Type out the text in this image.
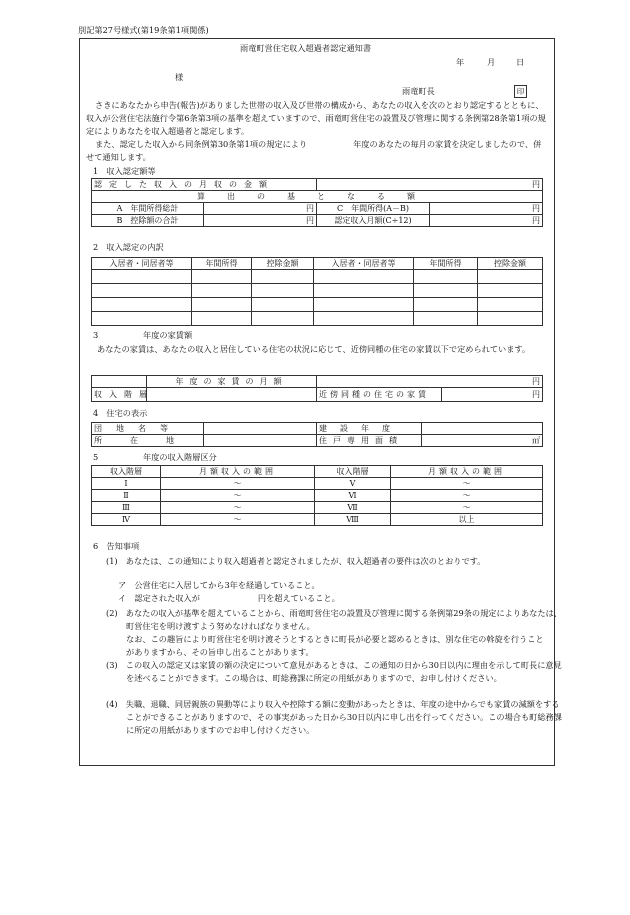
別記第27号様式(第19条第1項関係)
雨竜町営住宅収入超過者認定通知書
年	月	日
様
雨竜町長	印
さきにあなたから申告(報告)がありました世帯の収入及び世帯の構成から、あなたの収入を次のとおり認定するとともに、収入が公営住宅法施行令第6条第3項の基準を超えていますので、雨竜町営住宅の設置及び管理に関する条例第28条第1項の規定によりあなたを収入超過者と認定します。
また、認定した収入から同条例第30条第1項の規定により	年度のあなたの毎月の家賃を決定しましたので、併せて通知します。
1　収入認定額等
認定した収入の月収の金額		円	
算出の基となる額			
A　年間所得総計	円	C　年間所得(A－B)	円
B　控除額の合計	円	認定収入月額(C÷12)	円
2　収入認定の内訳
入居者・同居者等	年間所得	控除金額	入居者・同居者等	年間所得	控除金額

3	年度の家賃額
あなたの家賃は、あなたの収入と居住している住宅の状況に応じて、近傍同種の住宅の家賃以下で定められています。
	年度の家賃の月額	円	
収入階層		近傍同種の住宅の家賃	円
4　住宅の表示
団地名等		建設年度	
所在地		住戸専用面積	㎡
5	年度の収入階層区分
収入階層	月額収入の範囲	収入階層	月額収入の範囲
Ⅰ	～	Ⅴ	～
Ⅱ	～	Ⅵ	～
Ⅲ	～	Ⅶ	～
Ⅳ	～	Ⅷ	以上
6　告知事項
(1)　あなたは、この通知により収入超過者と認定されましたが、収入超過者の要件は次のとおりです。
ア　公営住宅に入居してから3年を経過していること。
イ　認定された収入が	円を超えていること。
(2)　あなたの収入が基準を超えていることから、雨竜町営住宅の設置及び管理に関する条例第29条の規定によりあなたは、町営住宅を明け渡すよう努めなければなりません。
なお、この趣旨により町営住宅を明け渡そうとするときに町長が必要と認めるときは、別な住宅の斡旋を行うことがありますから、その旨申し出ることがあります。
(3)　この収入の認定又は家賃の額の決定について意見があるときは、この通知の日から30日以内に理由を示して町長に意見を述べることができます。この場合は、町総務課に所定の用紙がありますので、お申し付けください。
(4)　失職、退職、同居親族の異動等により収入や控除する額に変動があったときは、年度の途中からでも家賃の減額をすることができることがありますので、その事実があった日から30日以内に申し出を行ってください。この場合も町総務課に所定の用紙がありますのでお申し付けください。
